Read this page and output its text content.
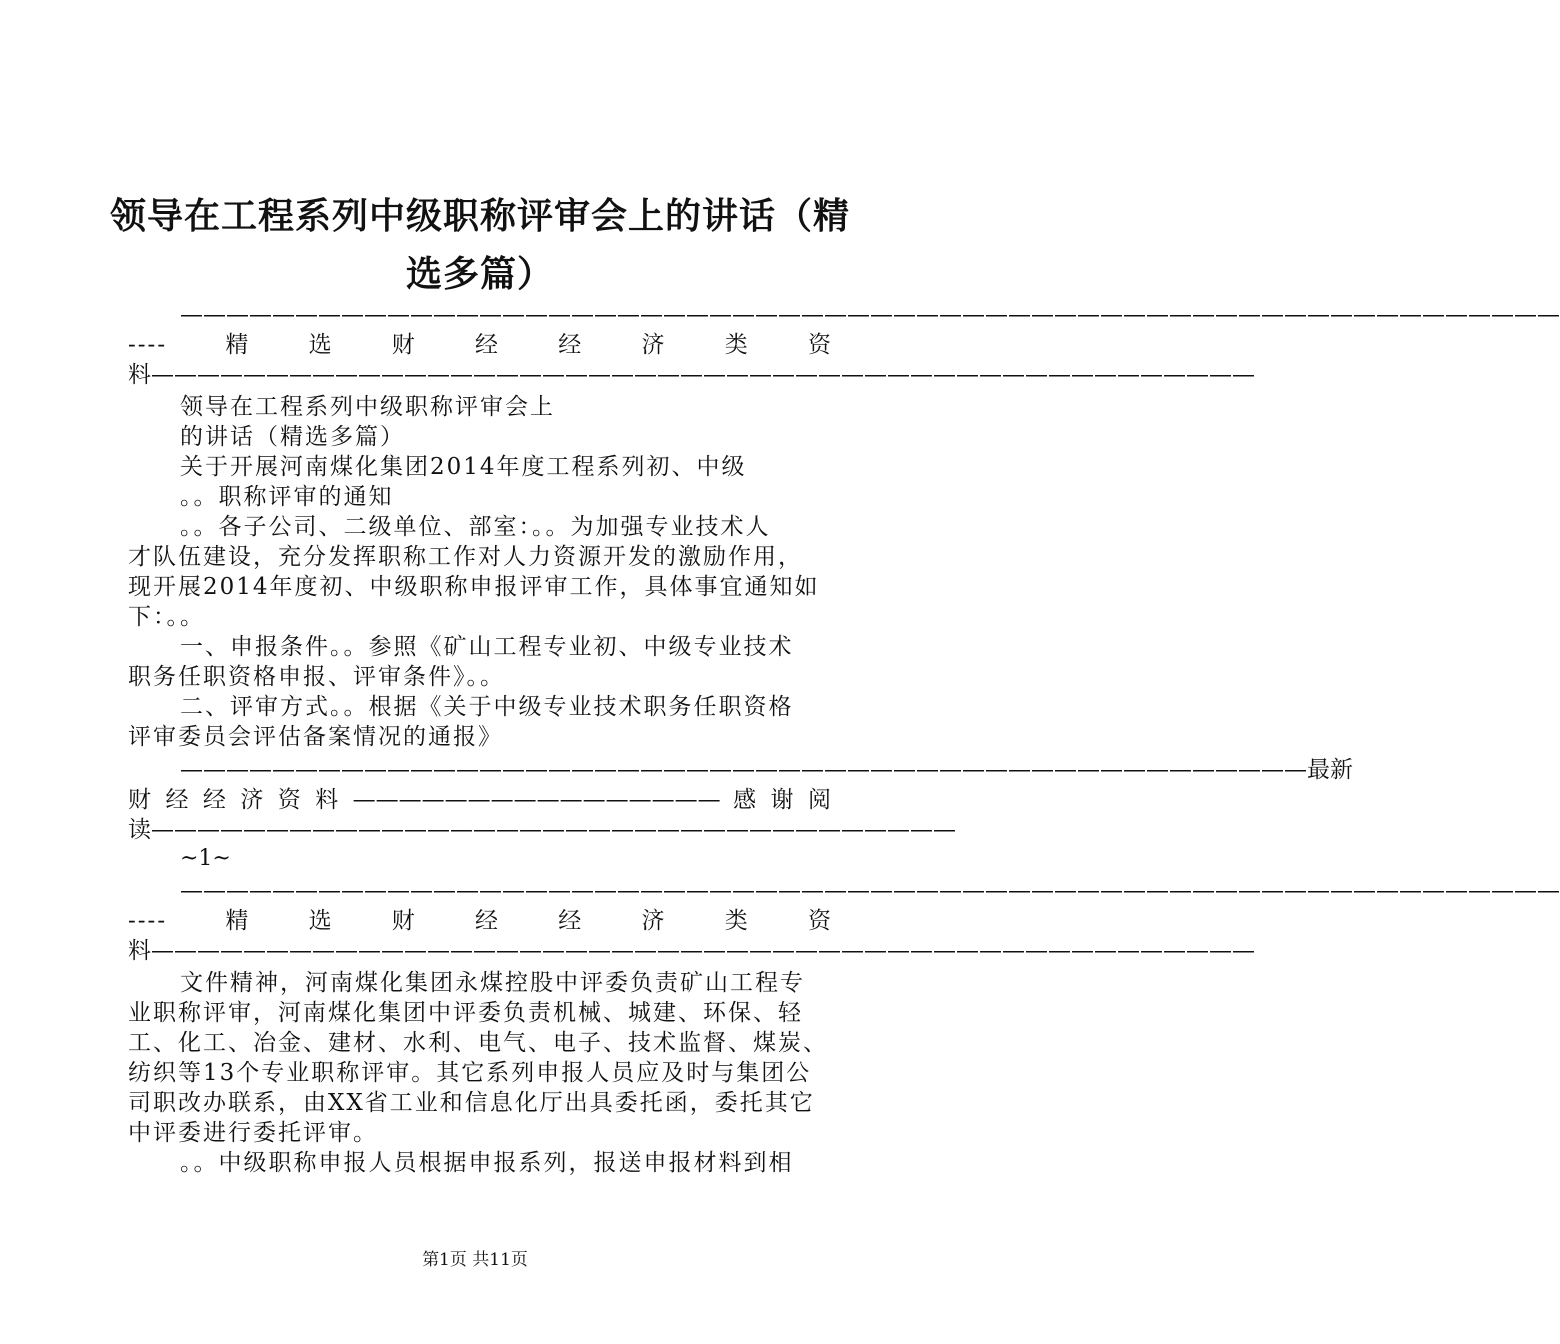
领导在工程系列中级职称评审会上的讲话（精
选多篇）
————————————————————————————————————————————————————————————
----	精	选	财	经	经	济	类	资
料————————————————————————————————————————————————
领导在工程系列中级职称评审会上
的讲话（精选多篇）
关于开展河南煤化集团2014年度工程系列初、中级
。。职称评审的通知
。。各子公司、二级单位、部室：。。为加强专业技术人
才队伍建设，充分发挥职称工作对人力资源开发的激励作用，
现开展2014年度初、中级职称申报评审工作，具体事宜通知如
下：。。
一、申报条件。。参照《矿山工程专业初、中级专业技术
职务任职资格申报、评审条件》。。
二、评审方式。。根据《关于中级专业技术职务任职资格
评审委员会评估备案情况的通报》
—————————————————————————————————————————————————最新
财 经 经 济 资 料 ———————————————— 感 谢 阅
读———————————————————————————————————
~1~
————————————————————————————————————————————————————————————
----	精	选	财	经	经	济	类	资
料————————————————————————————————————————————————
文件精神，河南煤化集团永煤控股中评委负责矿山工程专
业职称评审，河南煤化集团中评委负责机械、城建、环保、轻
工、化工、冶金、建材、水利、电气、电子、技术监督、煤炭、
纺织等13个专业职称评审。其它系列申报人员应及时与集团公
司职改办联系，由XX省工业和信息化厅出具委托函，委托其它
中评委进行委托评审。
。。中级职称申报人员根据申报系列，报送申报材料到相
第1页 共11页
